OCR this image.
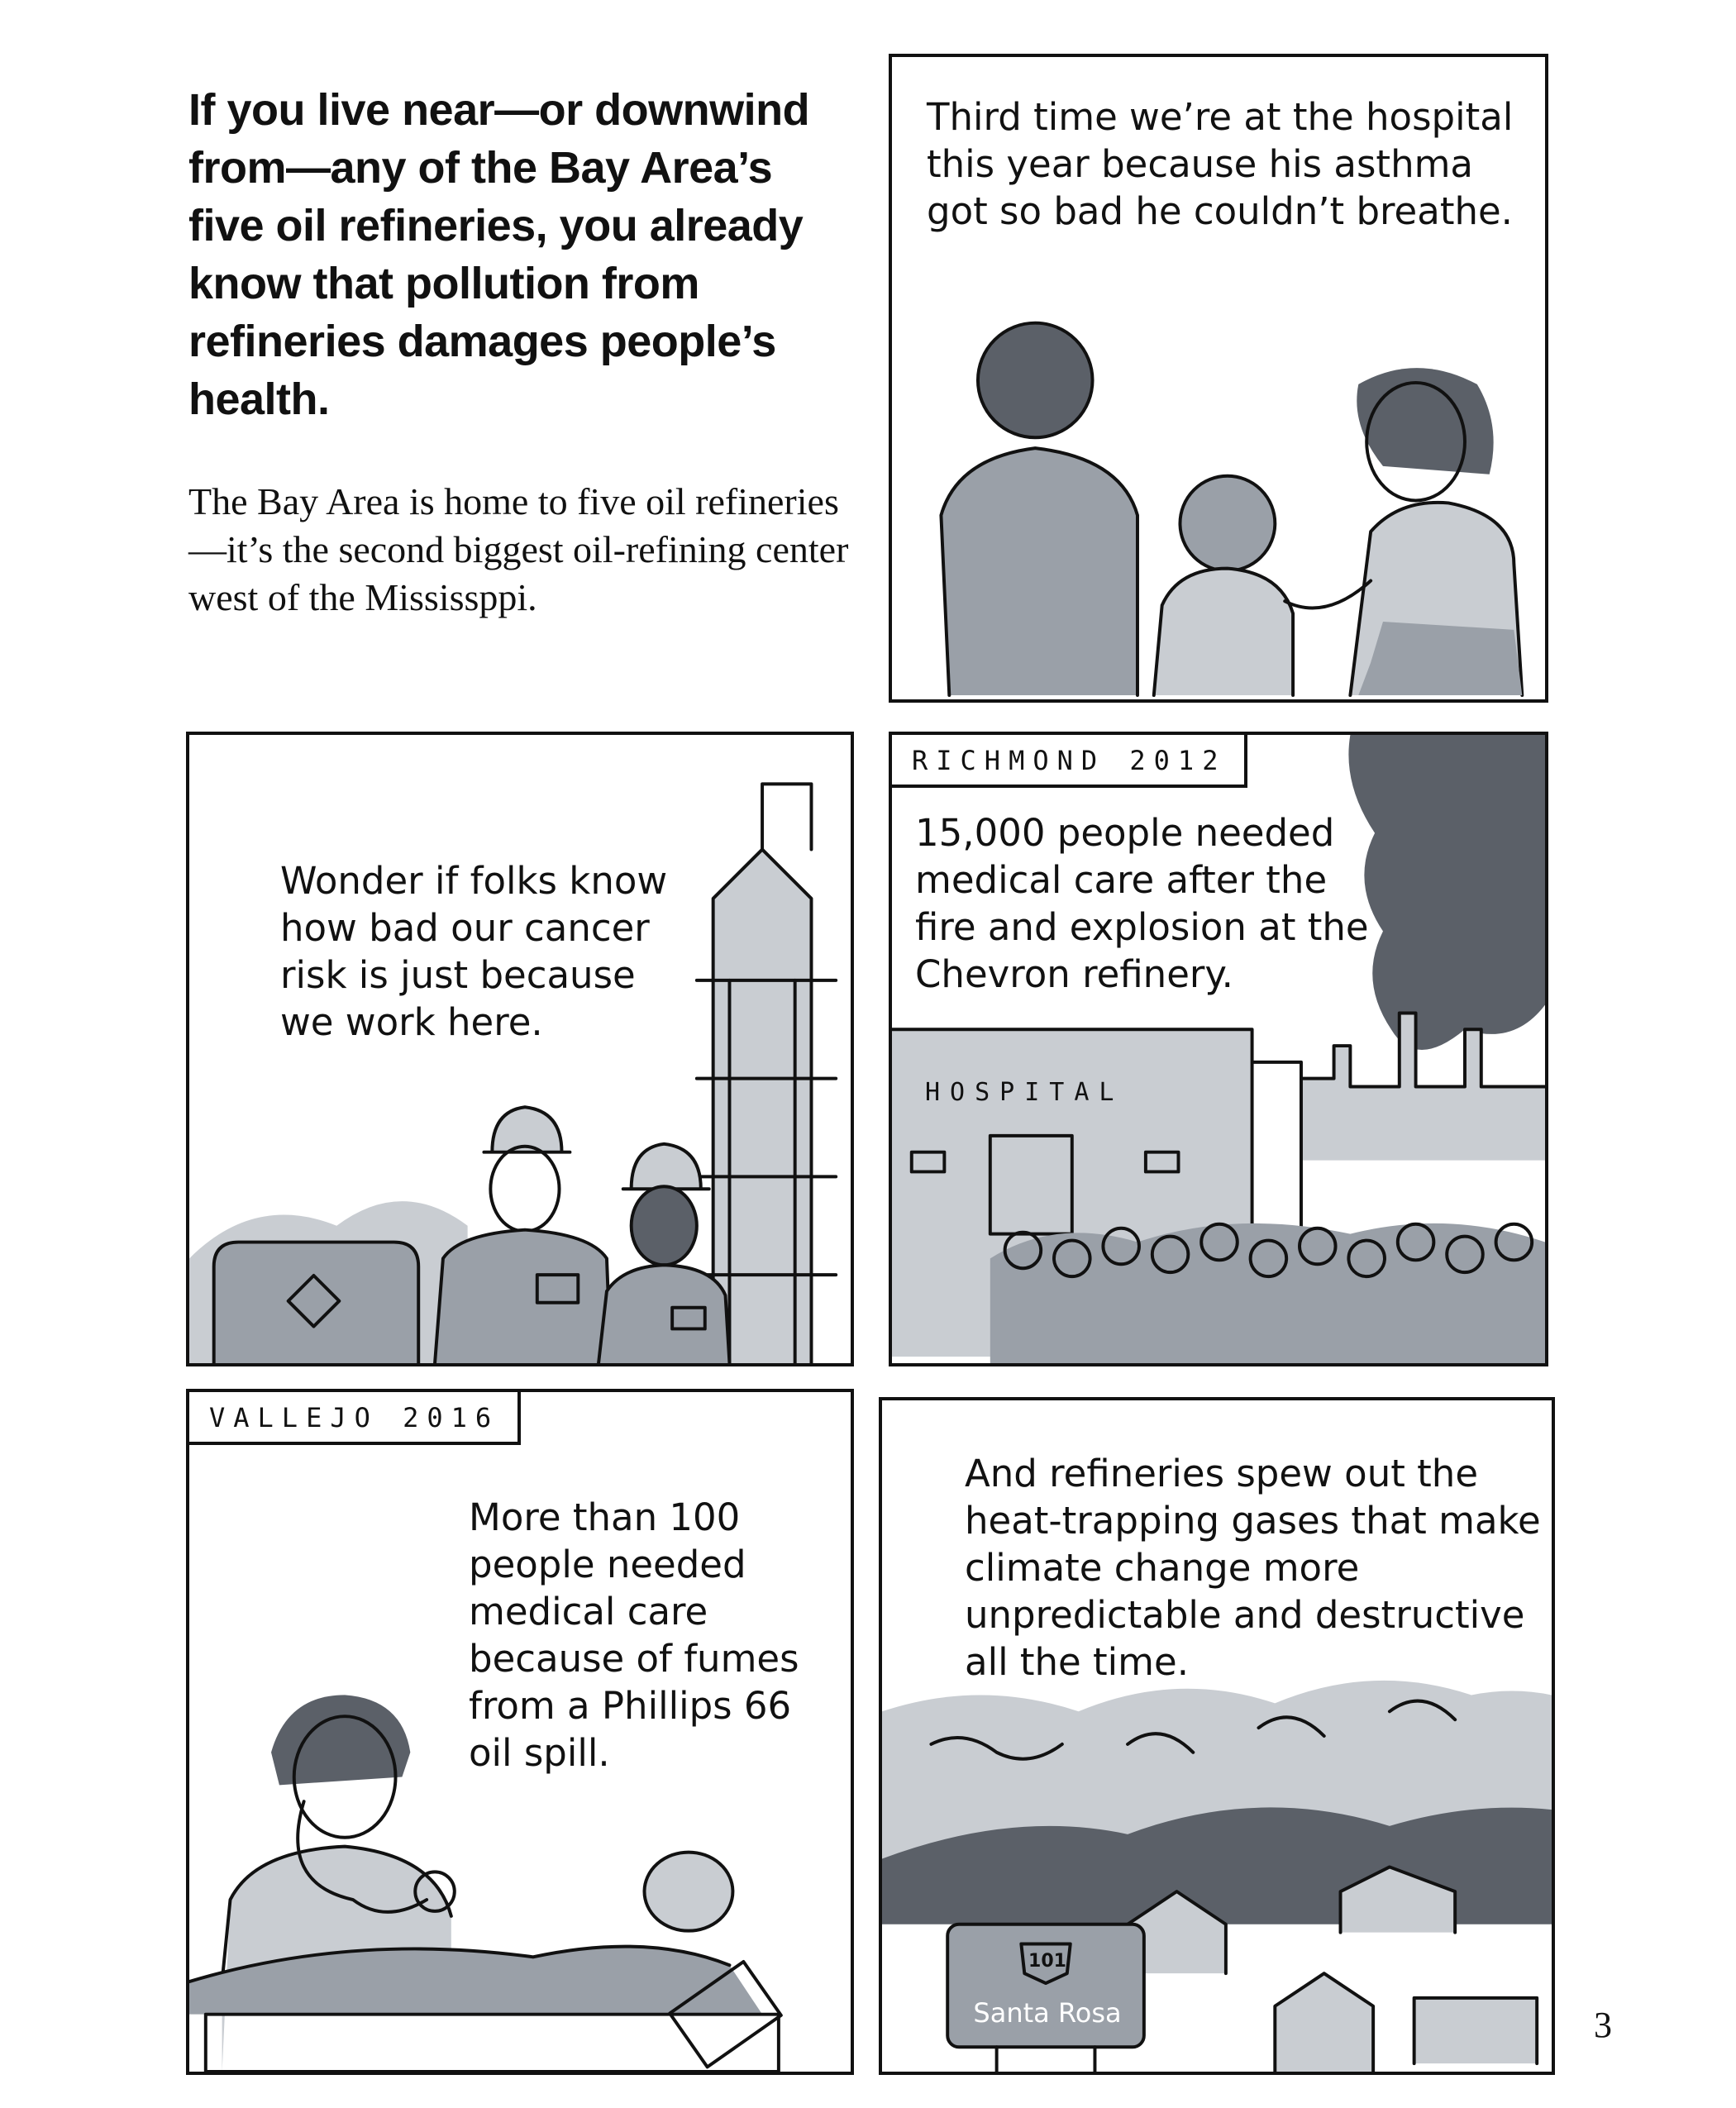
If you live near—or downwind from—any of the Bay Area’s five oil refineries, you already know that pollution from refineries damages people’s health.
The Bay Area is home to five oil refineries—it’s the second biggest oil-refining center west of the Mississppi.
Third time we’re at the hospital this year because his asthma got so bad he couldn’t breathe.
Wonder if folks know how bad our cancer risk is just because we work here.
RICHMOND 2012
15,000 people needed medical care after the fire and explosion at the Chevron refinery.
HOSPITAL
VALLEJO 2016
More than 100 people needed medical care because of fumes from a Phillips 66 oil spill.
And refineries spew out the heat-trapping gases that make climate change more unpredictable and destructive all the time.
101
Santa Rosa	3
